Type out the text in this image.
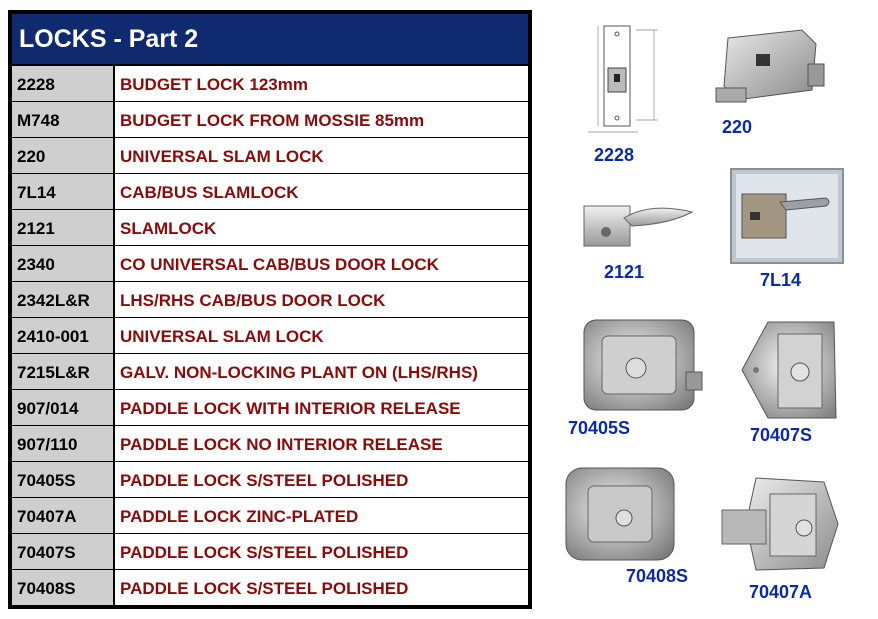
LOCKS - Part 2
2228	BUDGET LOCK 123mm
M748	BUDGET LOCK FROM MOSSIE 85mm
220	UNIVERSAL SLAM LOCK
7L14	CAB/BUS SLAMLOCK
2121	SLAMLOCK
2340	CO UNIVERSAL CAB/BUS DOOR LOCK
2342L&R	LHS/RHS CAB/BUS DOOR LOCK
2410-001	UNIVERSAL SLAM LOCK
7215L&R	GALV. NON-LOCKING PLANT ON (LHS/RHS)
907/014	PADDLE LOCK WITH INTERIOR RELEASE
907/110	PADDLE LOCK NO INTERIOR RELEASE
70405S	PADDLE LOCK S/STEEL POLISHED
70407A	PADDLE LOCK ZINC-PLATED
70407S	PADDLE LOCK S/STEEL POLISHED
70408S	PADDLE LOCK S/STEEL POLISHED
2228
220
2121	7L14
70405S	70407S
70408S
70407A
